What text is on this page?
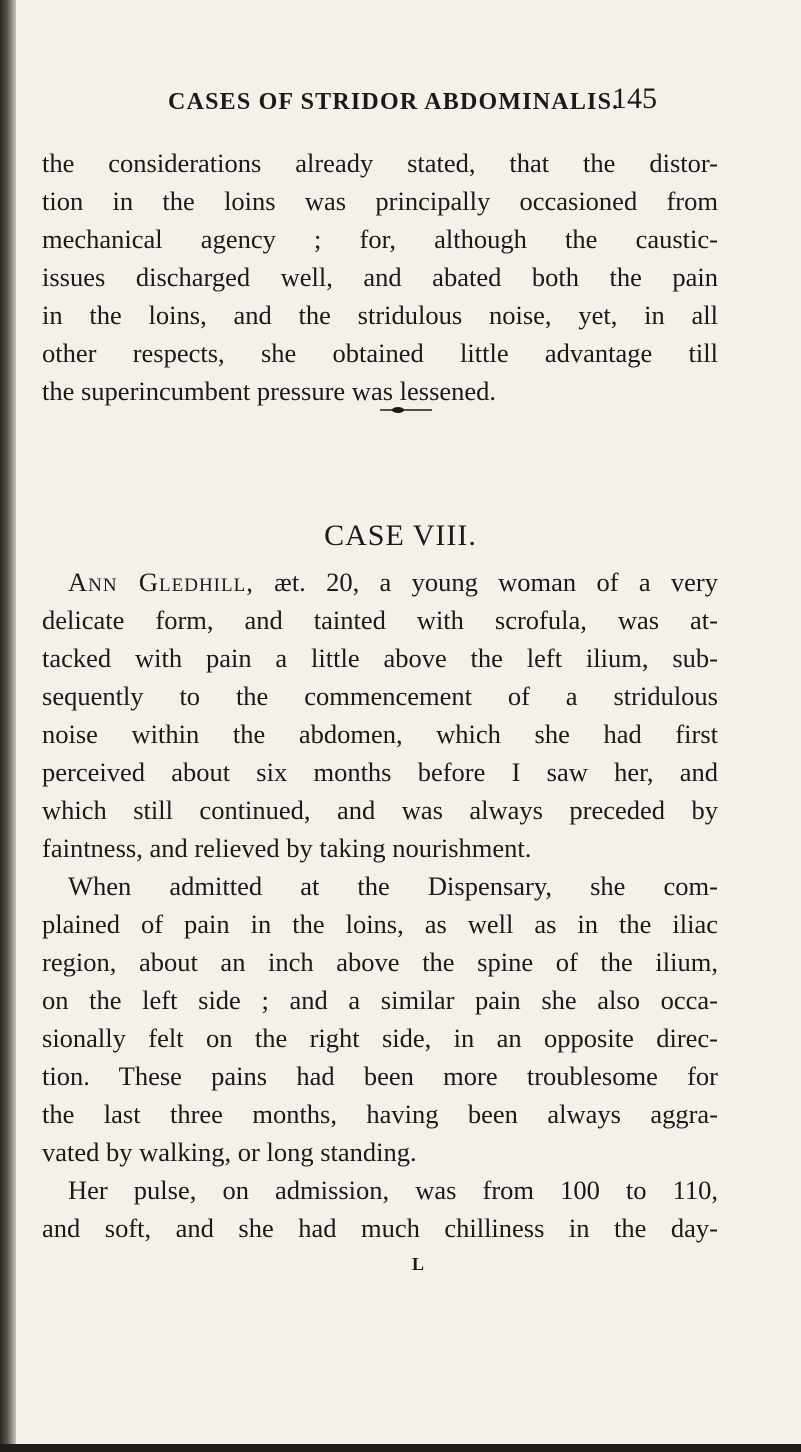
CASES OF STRIDOR ABDOMINALIS.
145
the considerations already stated, that the distor-
tion in the loins was principally occasioned from
mechanical agency ; for, although the caustic-
issues discharged well, and abated both the pain
in the loins, and the stridulous noise, yet, in all
other respects, she obtained little advantage till
the superincumbent pressure was lessened.
CASE VIII.
Ann Gledhill, æt. 20, a young woman of a very
delicate form, and tainted with scrofula, was at-
tacked with pain a little above the left ilium, sub-
sequently to the commencement of a stridulous
noise within the abdomen, which she had first
perceived about six months before I saw her, and
which still continued, and was always preceded by
faintness, and relieved by taking nourishment.
When admitted at the Dispensary, she com-
plained of pain in the loins, as well as in the iliac
region, about an inch above the spine of the ilium,
on the left side ; and a similar pain she also occa-
sionally felt on the right side, in an opposite direc-
tion. These pains had been more troublesome for
the last three months, having been always aggra-
vated by walking, or long standing.
Her pulse, on admission, was from 100 to 110,
and soft, and she had much chilliness in the day-
L
